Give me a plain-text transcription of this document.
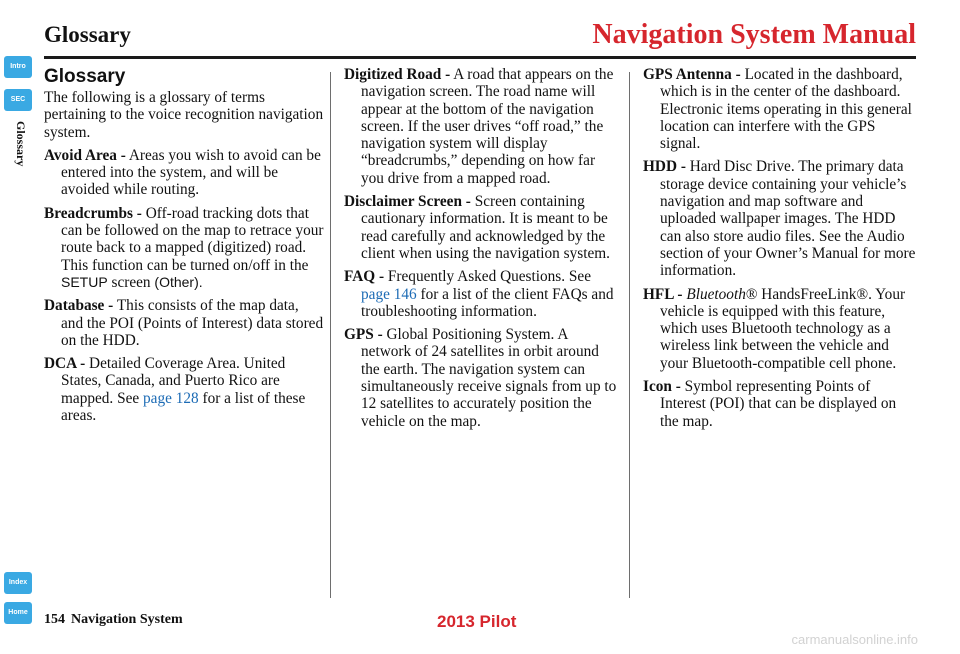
Glossary	Navigation System Manual
Intro
SEC
Glossary
Index
Home
Glossary

The following is a glossary of terms pertaining to the voice recognition navigation system.

Avoid Area - Areas you wish to avoid can be entered into the system, and will be avoided while routing.

Breadcrumbs - Off-road tracking dots that can be followed on the map to retrace your route back to a mapped (digitized) road. This function can be turned on/off in the SETUP screen (Other).

Database - This consists of the map data, and the POI (Points of Interest) data stored on the HDD.

DCA - Detailed Coverage Area. United States, Canada, and Puerto Rico are mapped. See page 128 for a list of these areas.

Digitized Road - A road that appears on the navigation screen. The road name will appear at the bottom of the navigation screen. If the user drives “off road,” the navigation system will display “breadcrumbs,” depending on how far you drive from a mapped road.

Disclaimer Screen - Screen containing cautionary information. It is meant to be read carefully and acknowledged by the client when using the navigation system.

FAQ - Frequently Asked Questions. See page 146 for a list of the client FAQs and troubleshooting information.

GPS - Global Positioning System. A network of 24 satellites in orbit around the earth. The navigation system can simultaneously receive signals from up to 12 satellites to accurately position the vehicle on the map.

GPS Antenna - Located in the dashboard, which is in the center of the dashboard. Electronic items operating in this general location can interfere with the GPS signal.

HDD - Hard Disc Drive. The primary data storage device containing your vehicle’s navigation and map software and uploaded wallpaper images. The HDD can also store audio files. See the Audio section of your Owner’s Manual for more information.

HFL - Bluetooth® HandsFreeLink®. Your vehicle is equipped with this feature, which uses Bluetooth technology as a wireless link between the vehicle and your Bluetooth-compatible cell phone.

Icon - Symbol representing Points of Interest (POI) that can be displayed on the map.

154 Navigation System	2013 Pilot
carmanualsonline.info
